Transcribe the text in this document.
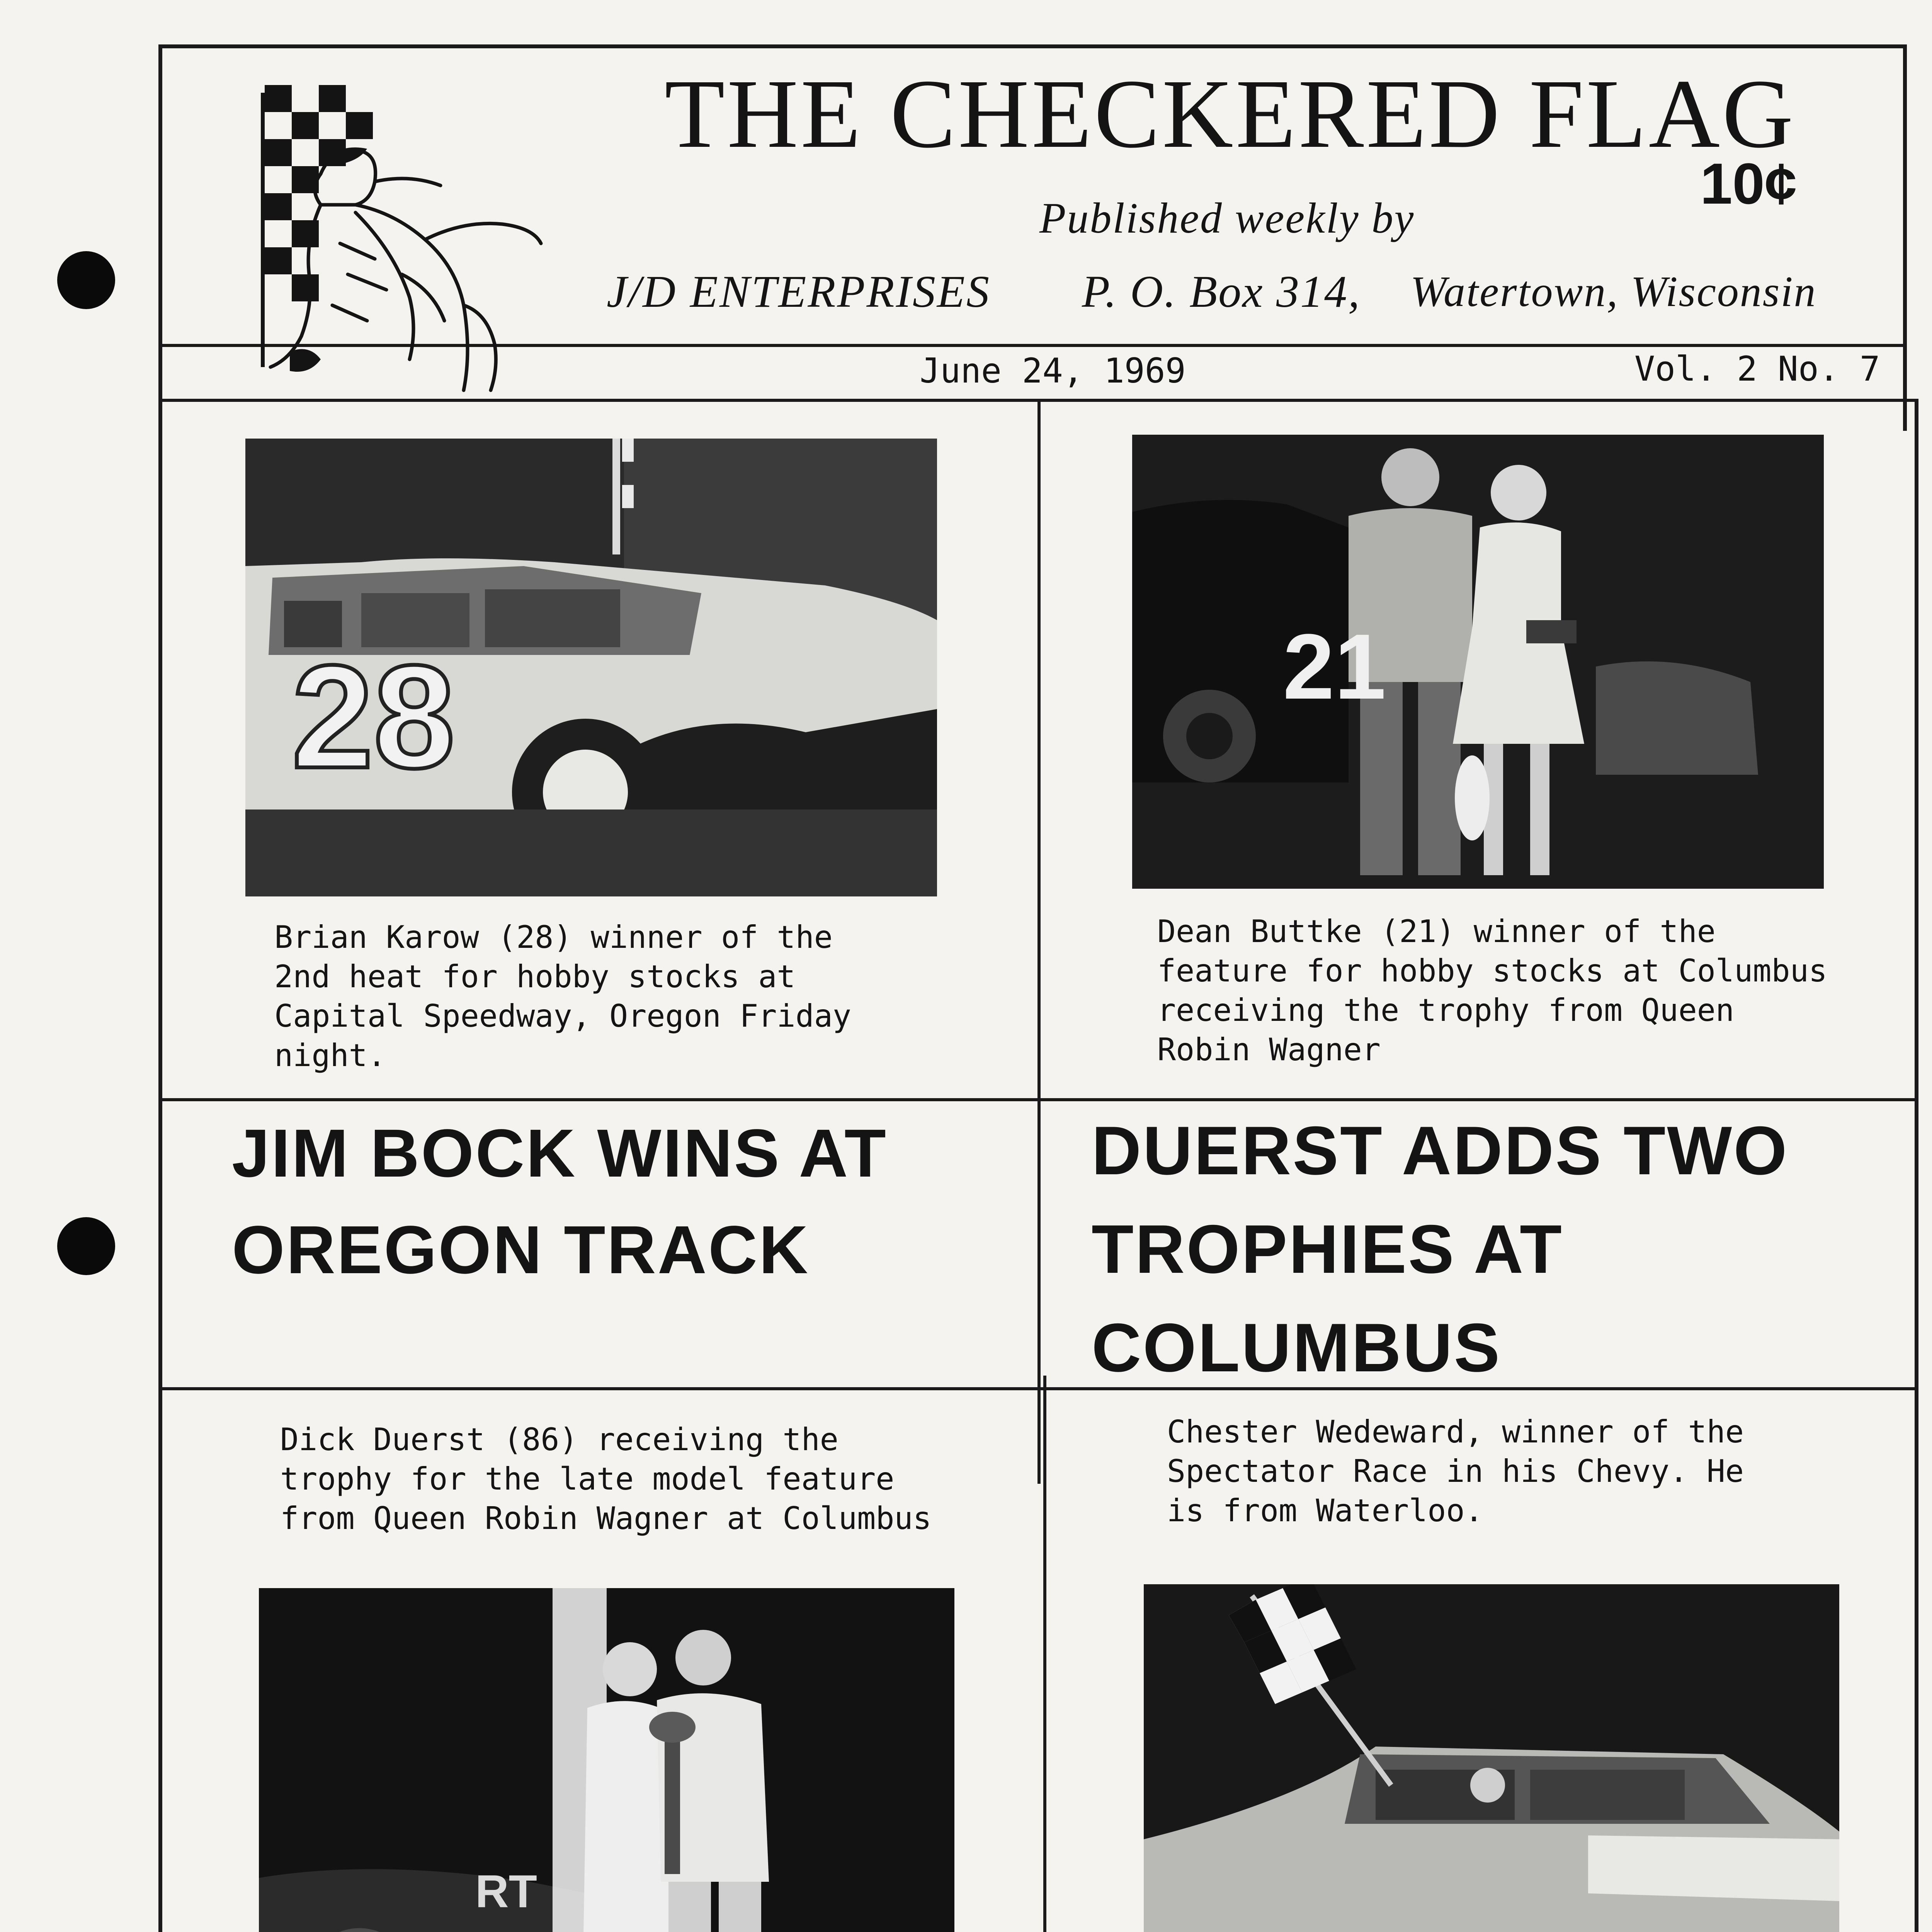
THE CHECKERED FLAG
10¢
Published weekly by
J/D ENTERPRISES P. O. Box 314, Watertown, Wisconsin
June 24, 1969	Vol. 2 No. 7
28
Brian Karow (28) winner of the
2nd heat for hobby stocks at
Capital Speedway, Oregon Friday
night.
21
Dean Buttke (21) winner of the
feature for hobby stocks at Columbus
receiving the trophy from Queen
Robin Wagner
JIM BOCK WINS AT OREGON TRACK
DUERST ADDS TWO TROPHIES AT COLUMBUS
Dick Duerst (86) receiving the
trophy for the late model feature
from Queen Robin Wagner at Columbus
Chester Wedeward, winner of the
Spectator Race in his Chevy. He
is from Waterloo.
RT
